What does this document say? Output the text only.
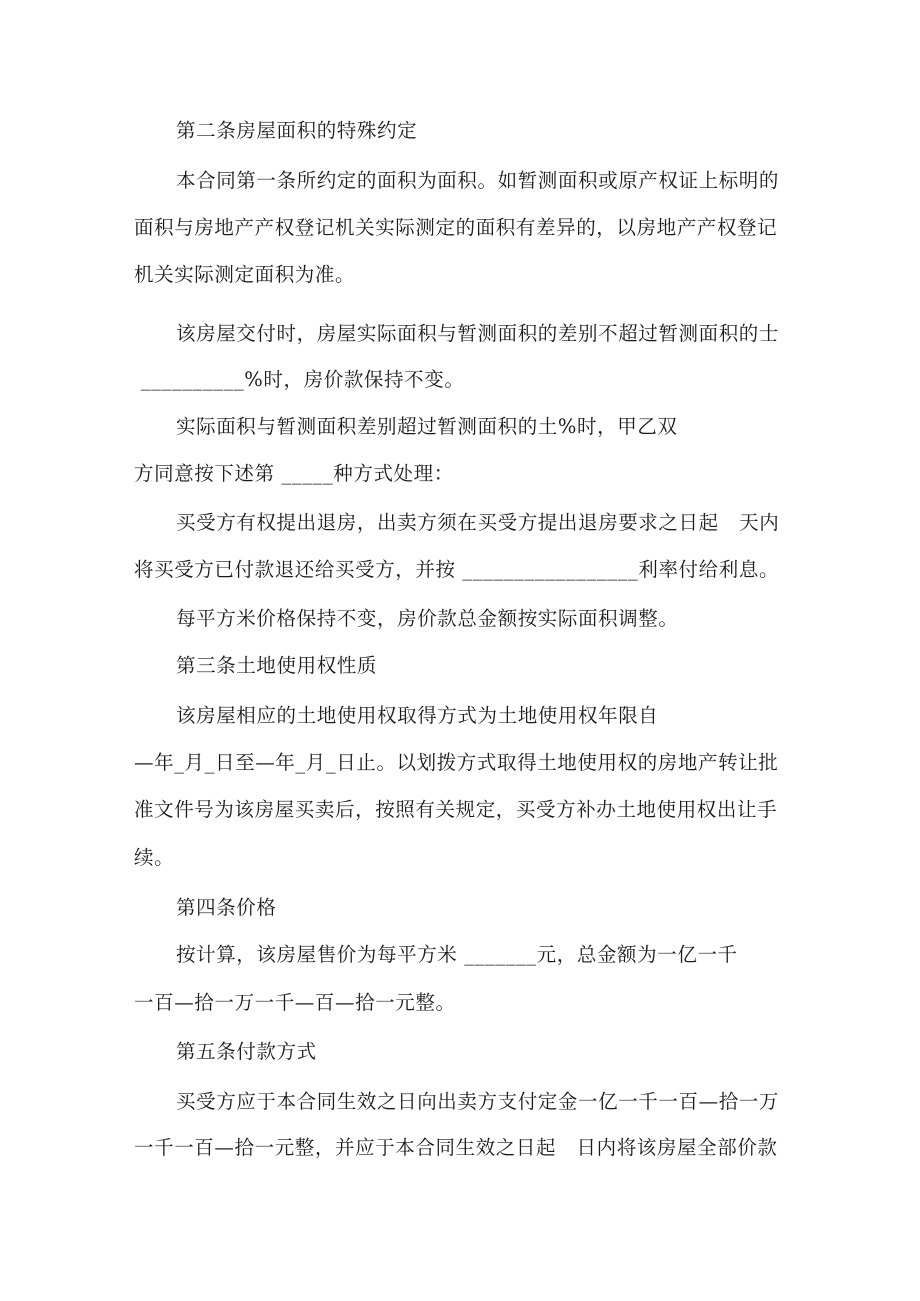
第二条房屋面积的特殊约定
本合同第一条所约定的面积为面积。如暂测面积或原产权证上标明的
面积与房地产产权登记机关实际测定的面积有差异的，以房地产产权登记
机关实际测定面积为准。
该房屋交付时，房屋实际面积与暂测面积的差别不超过暂测面积的士
__________%时，房价款保持不变。
实际面积与暂测面积差别超过暂测面积的土%时，甲乙双
方同意按下述第 _____种方式处理：
买受方有权提出退房，出卖方须在买受方提出退房要求之日起   天内
将买受方已付款退还给买受方，并按 _________________利率付给利息。
每平方米价格保持不变，房价款总金额按实际面积调整。
第三条土地使用权性质
该房屋相应的土地使用权取得方式为土地使用权年限自
—年_月_日至—年_月_日止。以划拨方式取得土地使用权的房地产转让批
准文件号为该房屋买卖后，按照有关规定，买受方补办土地使用权出让手
续。
第四条价格
按计算，该房屋售价为每平方米 _______元，总金额为一亿一千
一百—拾一万一千—百—拾一元整。
第五条付款方式
买受方应于本合同生效之日向出卖方支付定金一亿一千一百—拾一万
一千一百—拾一元整，并应于本合同生效之日起   日内将该房屋全部价款
